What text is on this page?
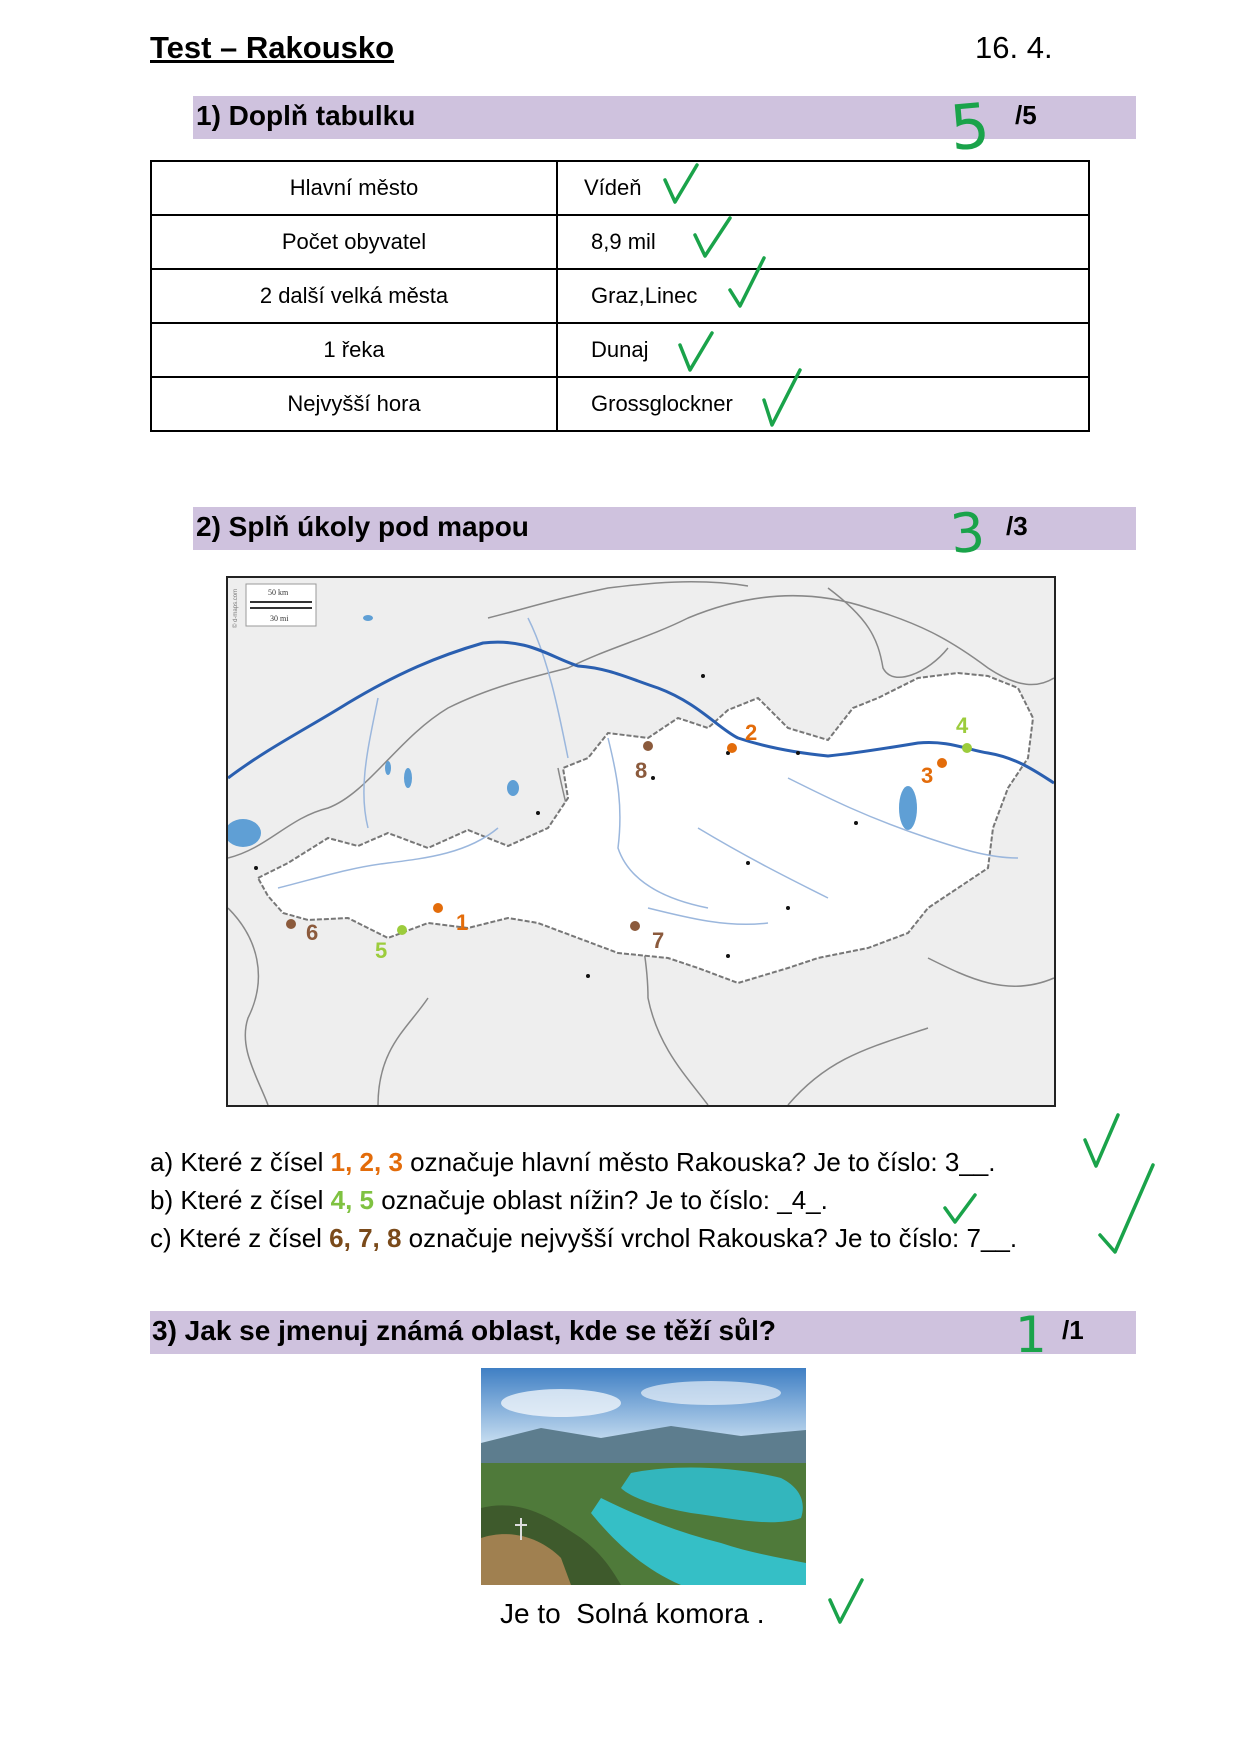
Test – Rakousko	16. 4.
1) Doplň tabulku	/5
Hlavní město	Vídeň
Počet obyvatel	8,9 mil
2 další velká města	Graz,Linec
1 řeka	Dunaj
Nejvyšší hora	Grossglockner
2) Splň úkoly pod mapou	/3
50 km
30 mi
© d-maps.com
1
2
3
4
5
6	7
8
a) Které z čísel 1, 2, 3 označuje hlavní město Rakouska? Je to číslo: 3__.
b) Které z čísel 4, 5 označuje oblast nížin? Je to číslo: _4_.
c) Které z čísel 6, 7, 8 označuje nejvyšší vrchol Rakouska? Je to číslo: 7__.
3) Jak se jmenuj známá oblast, kde se těží sůl?	/1
Je to  Solná komora .
5
3
1
